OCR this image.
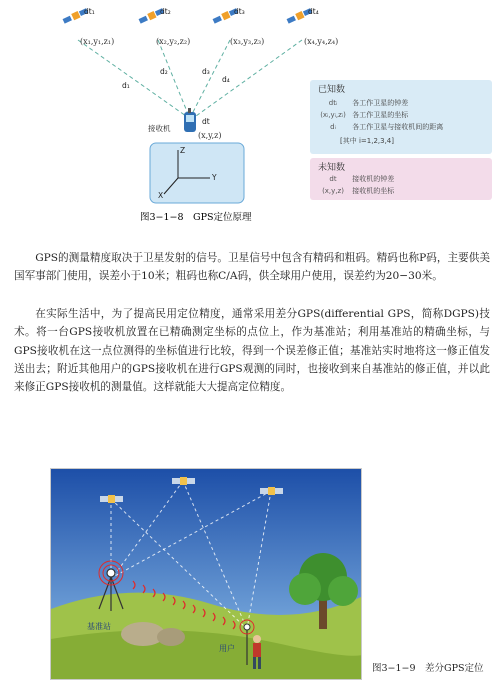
dt₁
(x₁,y₁,z₁)
dt₂
(x₂,y₂,z₂)
dt₃
(x₃,y₃,z₃)
dt₄
(x₄,y₄,z₄)
d₁
d₂	d₃
d₄
接收机
dt
(x,y,z)
Z
Y
X
图3−1−8　GPS定位原理
已知数
dtᵢ 各工作卫星的钟差
(xᵢ,yᵢ,zᵢ) 各工作卫星的坐标
dᵢ 各工作卫星与接收机间的距离
[其中 i=1,2,3,4]
未知数
dt 接收机的钟差
(x,y,z) 接收机的坐标

GPS的测量精度取决于卫星发射的信号。卫星信号中包含有精码和粗码。精码也称P码，主要供美国军事部门使用，误差小于10米；粗码也称C/A码，供全球用户使用，误差约为20−30米。

在实际生活中，为了提高民用定位精度，通常采用差分GPS(differential GPS，简称DGPS)技术。将一台GPS接收机放置在已精确测定坐标的点位上，作为基准站；利用基准站的精确坐标，与GPS接收机在这一点位测得的坐标值进行比较，得到一个误差修正值；基准站实时地将这一修正值发送出去；附近其他用户的GPS接收机在进行GPS观测的同时，也接收到来自基准站的修正值，并以此来修正GPS接收机的测量值。这样就能大大提高定位精度。

基准站
用户
图3−1−9　差分GPS定位
